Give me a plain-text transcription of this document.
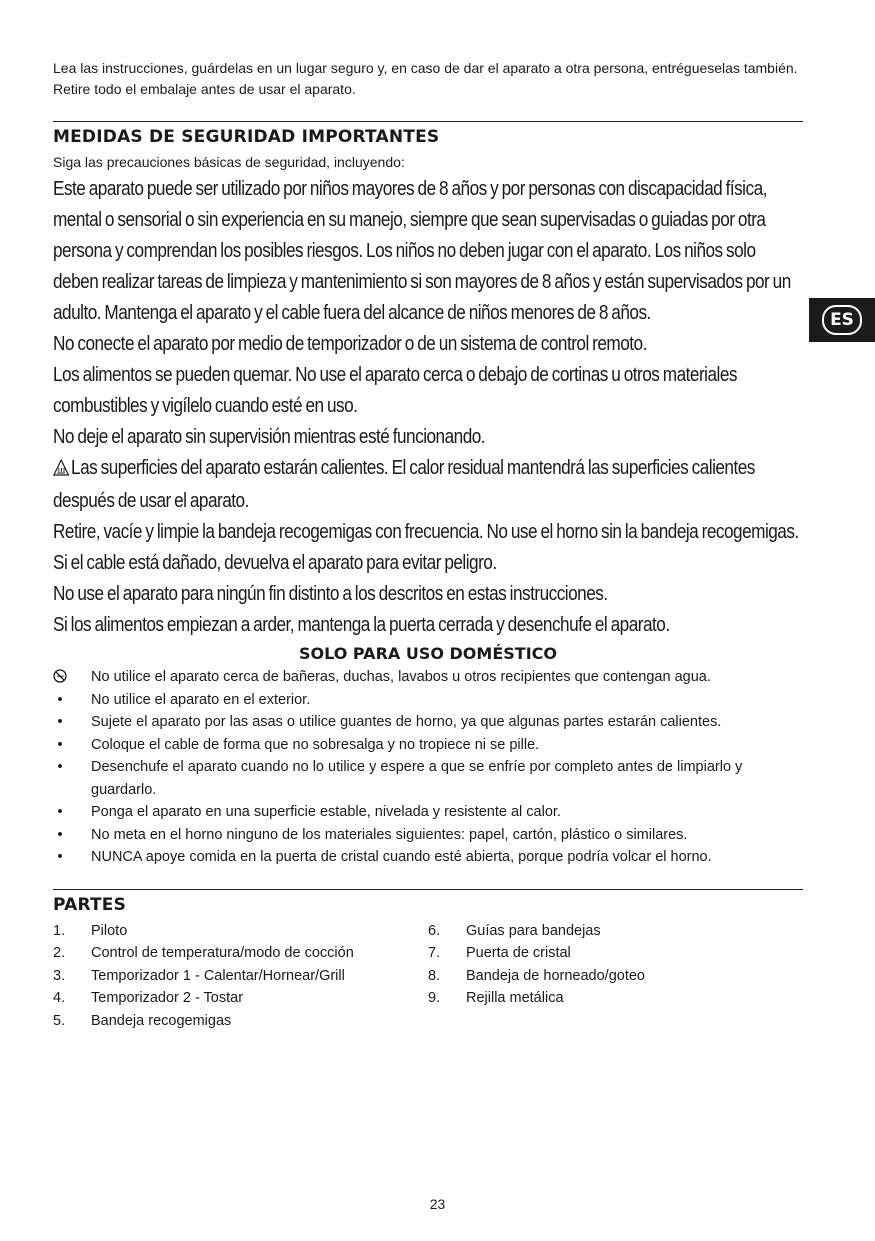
Lea las instrucciones, guárdelas en un lugar seguro y, en caso de dar el aparato a otra persona, entrégueselas también. Retire todo el embalaje antes de usar el aparato.

MEDIDAS DE SEGURIDAD IMPORTANTES

Siga las precauciones básicas de seguridad, incluyendo:

Este aparato puede ser utilizado por niños mayores de 8 años y por personas con discapacidad física, mental o sensorial o sin experiencia en su manejo, siempre que sean supervisadas o guiadas por otra persona y comprendan los posibles riesgos. Los niños no deben jugar con el aparato. Los niños solo deben realizar tareas de limpieza y mantenimiento si son mayores de 8 años y están supervisados por un adulto. Mantenga el aparato y el cable fuera del alcance de niños menores de 8 años.

No conecte el aparato por medio de temporizador o de un sistema de control remoto.

Los alimentos se pueden quemar. No use el aparato cerca o debajo de cortinas u otros materiales combustibles y vigílelo cuando esté en uso.

No deje el aparato sin supervisión mientras esté funcionando.

Las superficies del aparato estarán calientes. El calor residual mantendrá las superficies calientes después de usar el aparato.

Retire, vacíe y limpie la bandeja recogemigas con frecuencia. No use el horno sin la bandeja recogemigas.

Si el cable está dañado, devuelva el aparato para evitar peligro.

No use el aparato para ningún fin distinto a los descritos en estas instrucciones.

Si los alimentos empiezan a arder, mantenga la puerta cerrada y desenchufe el aparato.

SOLO PARA USO DOMÉSTICO
No utilice el aparato cerca de bañeras, duchas, lavabos u otros recipientes que contengan agua.
•	No utilice el aparato en el exterior.
•	Sujete el aparato por las asas o utilice guantes de horno, ya que algunas partes estarán calientes.
•	Coloque el cable de forma que no sobresalga y no tropiece ni se pille.
•	Desenchufe el aparato cuando no lo utilice y espere a que se enfríe por completo antes de limpiarlo y guardarlo.
•	Ponga el aparato en una superficie estable, nivelada y resistente al calor.
•	No meta en el horno ninguno de los materiales siguientes: papel, cartón, plástico o similares.
•	NUNCA apoye comida en la puerta de cristal cuando esté abierta, porque podría volcar el horno.
PARTES
1.	Piloto
2.	Control de temperatura/modo de cocción
3.	Temporizador 1 - Calentar/Hornear/Grill
4.	Temporizador 2 - Tostar
5.	Bandeja recogemigas
6.	Guías para bandejas
7.	Puerta de cristal
8.	Bandeja de horneado/goteo
9.	Rejilla metálica
ES
23
